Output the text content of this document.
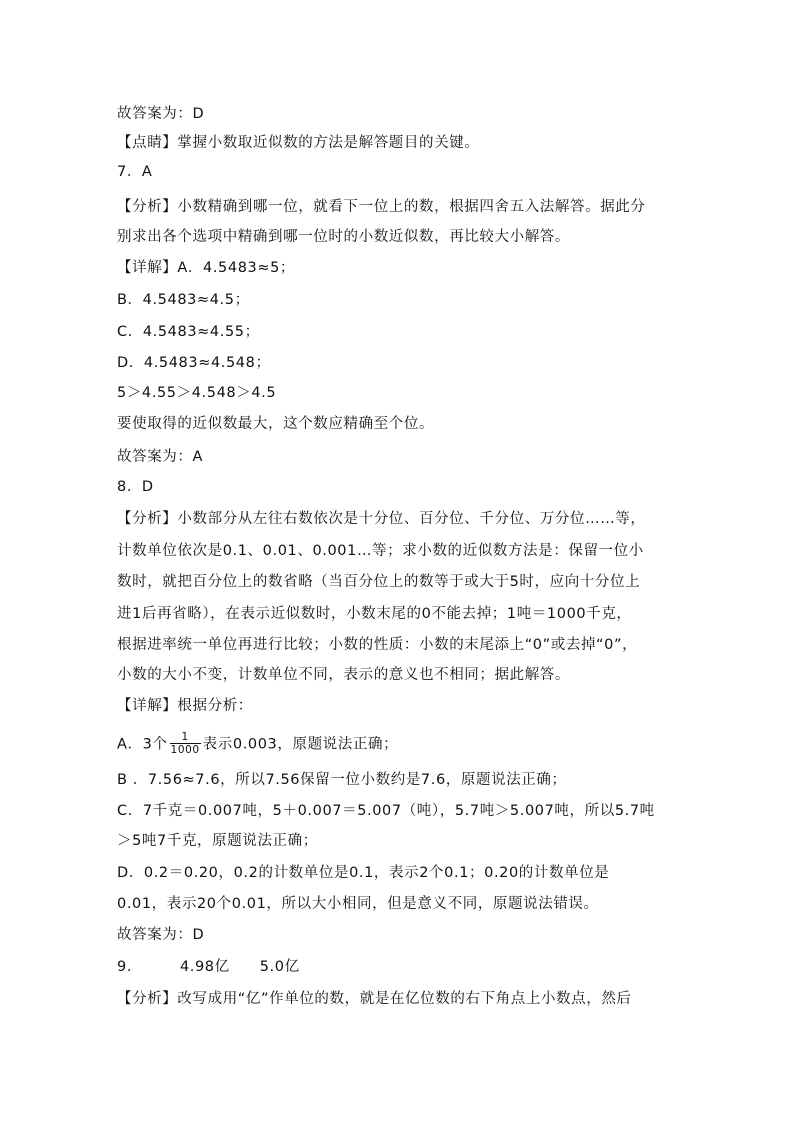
故答案为：D
【点睛】掌握小数取近似数的方法是解答题目的关键。
7．A
【分析】小数精确到哪一位，就看下一位上的数，根据四舍五入法解答。据此分
别求出各个选项中精确到哪一位时的小数近似数，再比较大小解答。
【详解】A．4.5483≈5；
B．4.5483≈4.5；
C．4.5483≈4.55；
D．4.5483≈4.548；
5＞4.55＞4.548＞4.5
要使取得的近似数最大，这个数应精确至个位。
故答案为：A
8．D
【分析】小数部分从左往右数依次是十分位、百分位、千分位、万分位……等，
计数单位依次是0.1、0.01、0.001…等；求小数的近似数方法是：保留一位小
数时，就把百分位上的数省略（当百分位上的数等于或大于5时，应向十分位上
进1后再省略），在表示近似数时，小数末尾的0不能去掉；1吨＝1000千克，
根据进率统一单位再进行比较；小数的性质：小数的末尾添上“0”或去掉“0”，
小数的大小不变，计数单位不同，表示的意义也不相同；据此解答。
【详解】根据分析：
A．3个 $\frac{1}{1000}$ 表示0.003，原题说法正确；
B ．7.56≈7.6，所以7.56保留一位小数约是7.6，原题说法正确；
C．7千克＝0.007吨，5＋0.007＝5.007（吨），5.7吨＞5.007吨，所以5.7吨
＞5吨7千克，原题说法正确；
D．0.2＝0.20，0.2的计数单位是0.1，表示2个0.1；0.20的计数单位是
0.01，表示20个0.01，所以大小相同，但是意义不同，原题说法错误。
故答案为：D
9．	4.98亿 5.0亿
【分析】改写成用“亿”作单位的数，就是在亿位数的右下角点上小数点，然后
